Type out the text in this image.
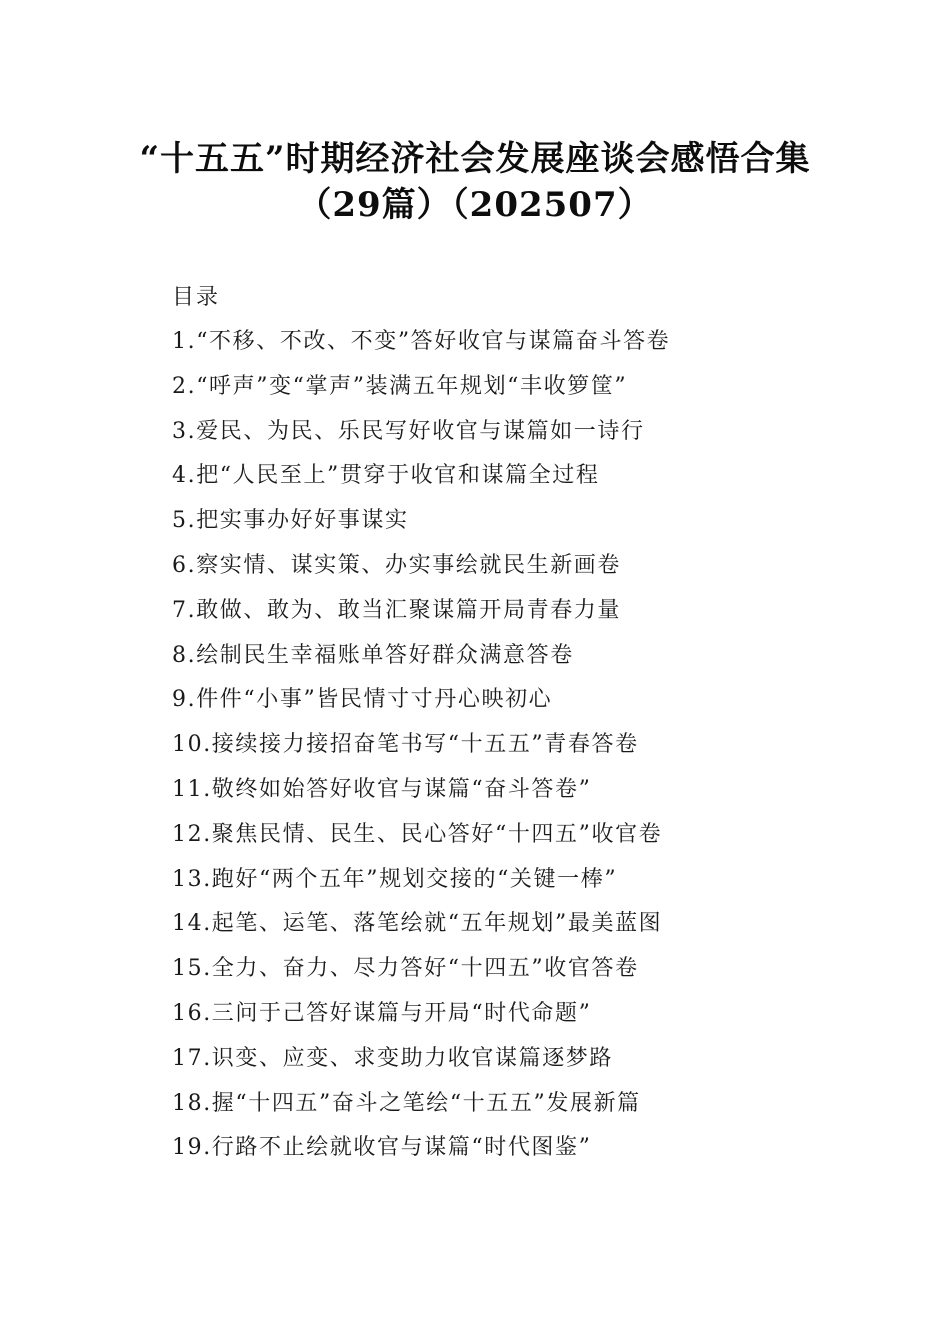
“十五五”时期经济社会发展座谈会感悟合集
（29篇）（202507）
目录
1.“不移、不改、不变”答好收官与谋篇奋斗答卷
2.“呼声”变“掌声”装满五年规划“丰收箩筐”
3.爱民、为民、乐民写好收官与谋篇如一诗行
4.把“人民至上”贯穿于收官和谋篇全过程
5.把实事办好好事谋实
6.察实情、谋实策、办实事绘就民生新画卷
7.敢做、敢为、敢当汇聚谋篇开局青春力量
8.绘制民生幸福账单答好群众满意答卷
9.件件“小事”皆民情寸寸丹心映初心
10.接续接力接招奋笔书写“十五五”青春答卷
11.敬终如始答好收官与谋篇“奋斗答卷”
12.聚焦民情、民生、民心答好“十四五”收官卷
13.跑好“两个五年”规划交接的“关键一棒”
14.起笔、运笔、落笔绘就“五年规划”最美蓝图
15.全力、奋力、尽力答好“十四五”收官答卷
16.三问于己答好谋篇与开局“时代命题”
17.识变、应变、求变助力收官谋篇逐梦路
18.握“十四五”奋斗之笔绘“十五五”发展新篇
19.行路不止绘就收官与谋篇“时代图鉴”
